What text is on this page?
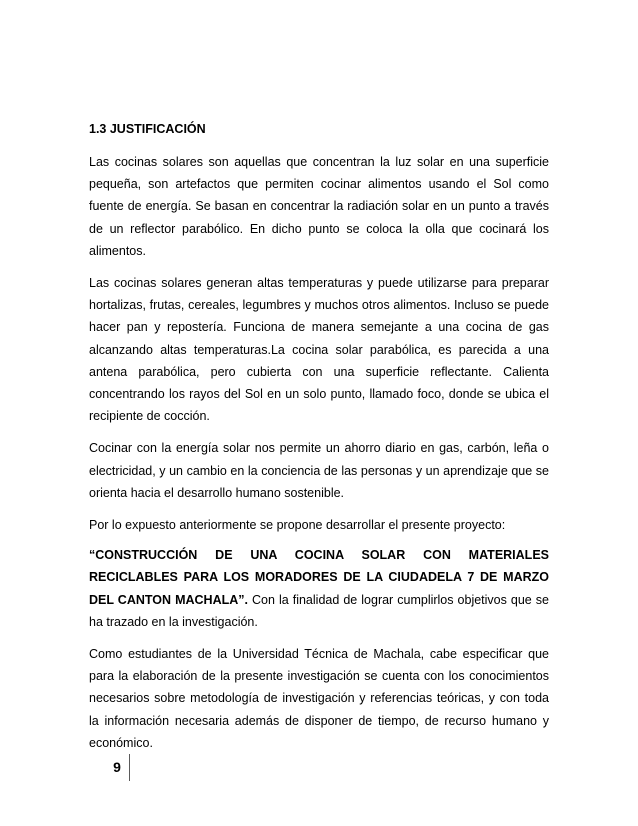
1.3 JUSTIFICACIÓN

Las cocinas solares son aquellas que concentran la luz solar en una superficie pequeña, son artefactos que permiten cocinar alimentos usando el Sol como fuente de energía. Se basan en concentrar la radiación solar en un punto a través de un reflector parabólico. En dicho punto se coloca la olla que cocinará los alimentos.

Las cocinas solares generan altas temperaturas y puede utilizarse para preparar hortalizas, frutas, cereales, legumbres y muchos otros alimentos. Incluso se puede hacer pan y repostería. Funciona de manera semejante a una cocina de gas alcanzando altas temperaturas.La cocina solar parabólica, es parecida a una antena parabólica, pero cubierta con una superficie reflectante. Calienta concentrando los rayos del Sol en un solo punto, llamado foco, donde se ubica el recipiente de cocción.

Cocinar con la energía solar nos permite un ahorro diario en gas, carbón, leña o electricidad, y un cambio en la conciencia de las personas y un aprendizaje que se orienta hacia el desarrollo humano sostenible.

Por lo expuesto anteriormente se propone desarrollar el presente proyecto:

“CONSTRUCCIÓN DE UNA COCINA SOLAR CON MATERIALES RECICLABLES PARA LOS MORADORES DE LA CIUDADELA 7 DE MARZO DEL CANTON MACHALA”. Con la finalidad de lograr cumplirlos objetivos que se ha trazado en la investigación.

Como estudiantes de la Universidad Técnica de Machala, cabe especificar que para la elaboración de la presente investigación se cuenta con los conocimientos necesarios sobre metodología de investigación y referencias teóricas, y con toda la información necesaria además de disponer de tiempo, de recurso humano y económico.

9
